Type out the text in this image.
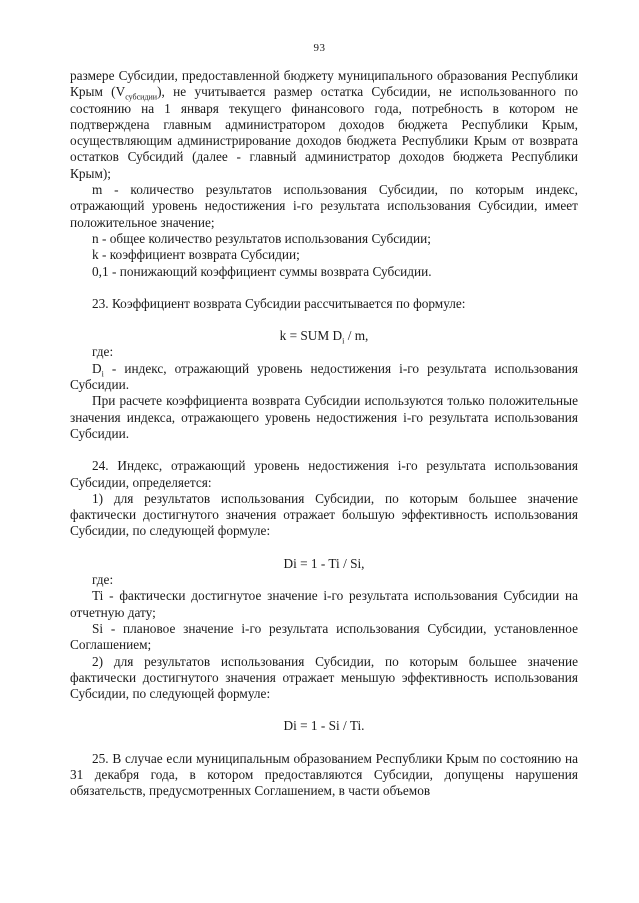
93

размере Субсидии, предоставленной бюджету муниципального образования Республики Крым $(V_{субсидии})$, не учитывается размер остатка Субсидии, не использованного по состоянию на 1 января текущего финансового года, потребность в котором не подтверждена главным администратором доходов бюджета Республики Крым, осуществляющим администрирование доходов бюджета Республики Крым от возврата остатков Субсидий (далее - главный администратор доходов бюджета Республики Крым);

m - количество результатов использования Субсидии, по которым индекс, отражающий уровень недостижения i-го результата использования Субсидии, имеет положительное значение;

n - общее количество результатов использования Субсидии;

k - коэффициент возврата Субсидии;

0,1 - понижающий коэффициент суммы возврата Субсидии.

23. Коэффициент возврата Субсидии рассчитывается по формуле:

k = SUM $D_i$ / m,

где:

$D_i$ - индекс, отражающий уровень недостижения i-го результата использования Субсидии.

При расчете коэффициента возврата Субсидии используются только положительные значения индекса, отражающего уровень недостижения i-го результата использования Субсидии.

24. Индекс, отражающий уровень недостижения i-го результата использования Субсидии, определяется:

1) для результатов использования Субсидии, по которым большее значение фактически достигнутого значения отражает большую эффективность использования Субсидии, по следующей формуле:

Di = 1 - Ti / Si,

где:

Ti - фактически достигнутое значение i-го результата использования Субсидии на отчетную дату;

Si - плановое значение i-го результата использования Субсидии, установленное Соглашением;

2) для результатов использования Субсидии, по которым большее значение фактически достигнутого значения отражает меньшую эффективность использования Субсидии, по следующей формуле:

Di = 1 - Si / Ti.

25. В случае если муниципальным образованием Республики Крым по состоянию на 31 декабря года, в котором предоставляются Субсидии, допущены нарушения обязательств, предусмотренных Соглашением, в части объемов
